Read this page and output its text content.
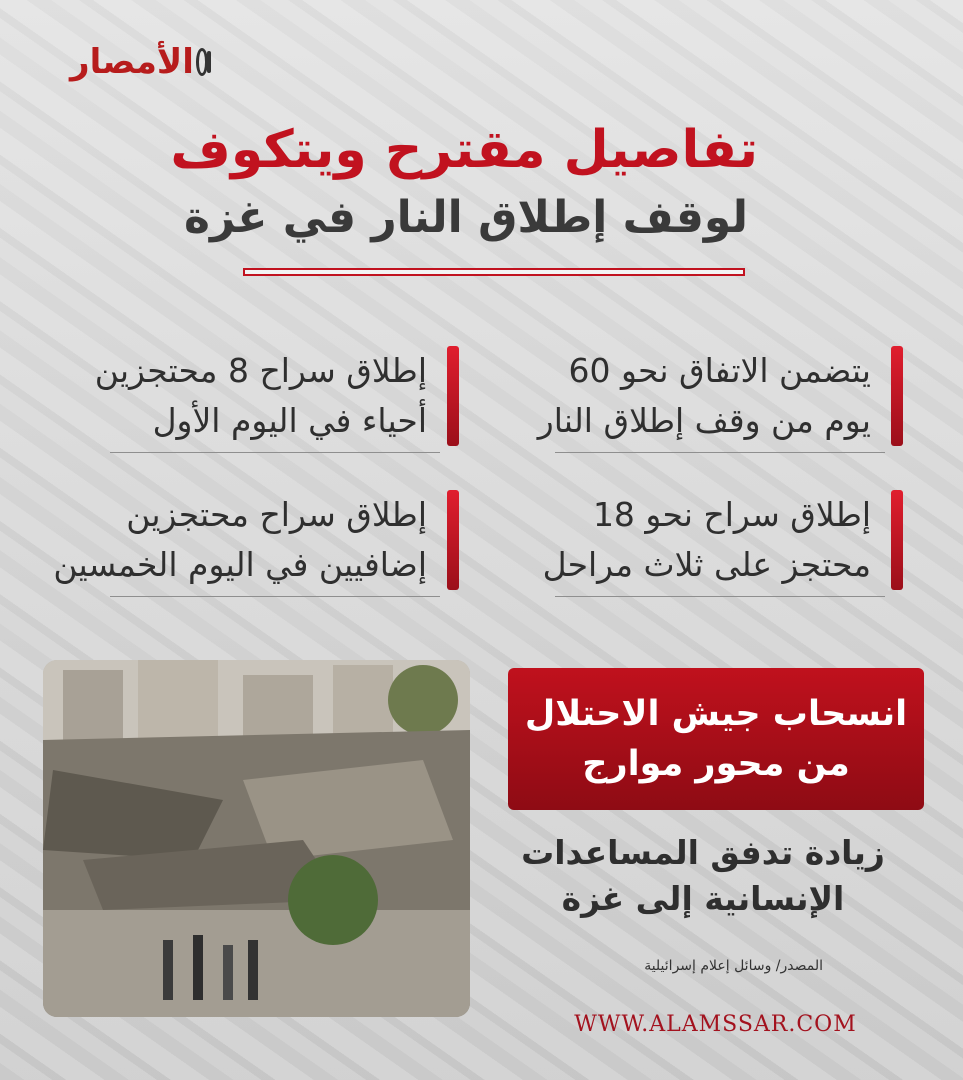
الأمصار
تفاصيل مقترح ويتكوف
لوقف إطلاق النار في غزة

يتضمن الاتفاق نحو 60

يوم من وقف إطلاق النار

إطلاق سراح 8 محتجزين

أحياء في اليوم الأول

إطلاق سراح نحو 18

محتجز على ثلاث مراحل

إطلاق سراح محتجزين

إضافيين في اليوم الخمسين

انسحاب جيش الاحتلال
من محور موارج
زيادة تدفق المساعدات
الإنسانية إلى غزة
المصدر/ وسائل إعلام إسرائيلية
WWW.ALAMSSAR.COM
